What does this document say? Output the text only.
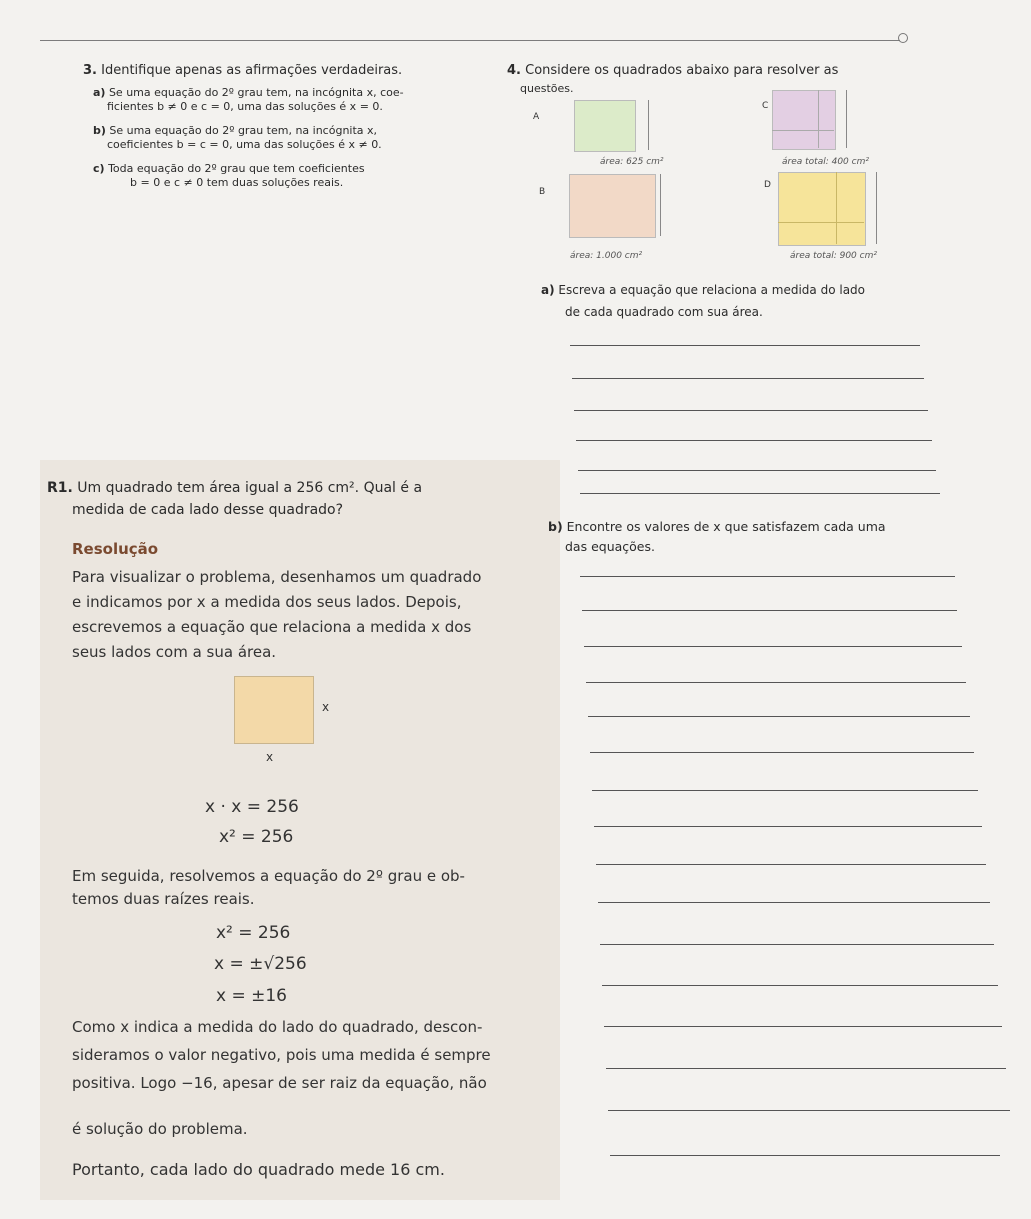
3. Identifique apenas as afirmações verdadeiras.
a) Se uma equação do 2º grau tem, na incógnita x, coe-
ficientes b ≠ 0 e c = 0, uma das soluções é x = 0.
b) Se uma equação do 2º grau tem, na incógnita x,
coeficientes b = c = 0, uma das soluções é x ≠ 0.
c) Toda equação do 2º grau que tem coeficientes
b = 0 e c ≠ 0 tem duas soluções reais.
4. Considere os quadrados abaixo para resolver as
questões.
A
área: 625 cm²
C
área total: 400 cm²
B
área: 1.000 cm²
D
área total: 900 cm²
a) Escreva a equação que relaciona a medida do lado
de cada quadrado com sua área.
b) Encontre os valores de x que satisfazem cada uma
das equações.
R1. Um quadrado tem área igual a 256 cm². Qual é a
medida de cada lado desse quadrado?
Resolução
Para visualizar o problema, desenhamos um quadrado
e indicamos por x a medida dos seus lados. Depois,
escrevemos a equação que relaciona a medida x dos
seus lados com a sua área.
x
x
x · x = 256
x² = 256
Em seguida, resolvemos a equação do 2º grau e ob-
temos duas raízes reais.
x² = 256
x = ±√256
x = ±16
Como x indica a medida do lado do quadrado, descon-
sideramos o valor negativo, pois uma medida é sempre
positiva. Logo −16, apesar de ser raiz da equação, não
é solução do problema.
Portanto, cada lado do quadrado mede 16 cm.
